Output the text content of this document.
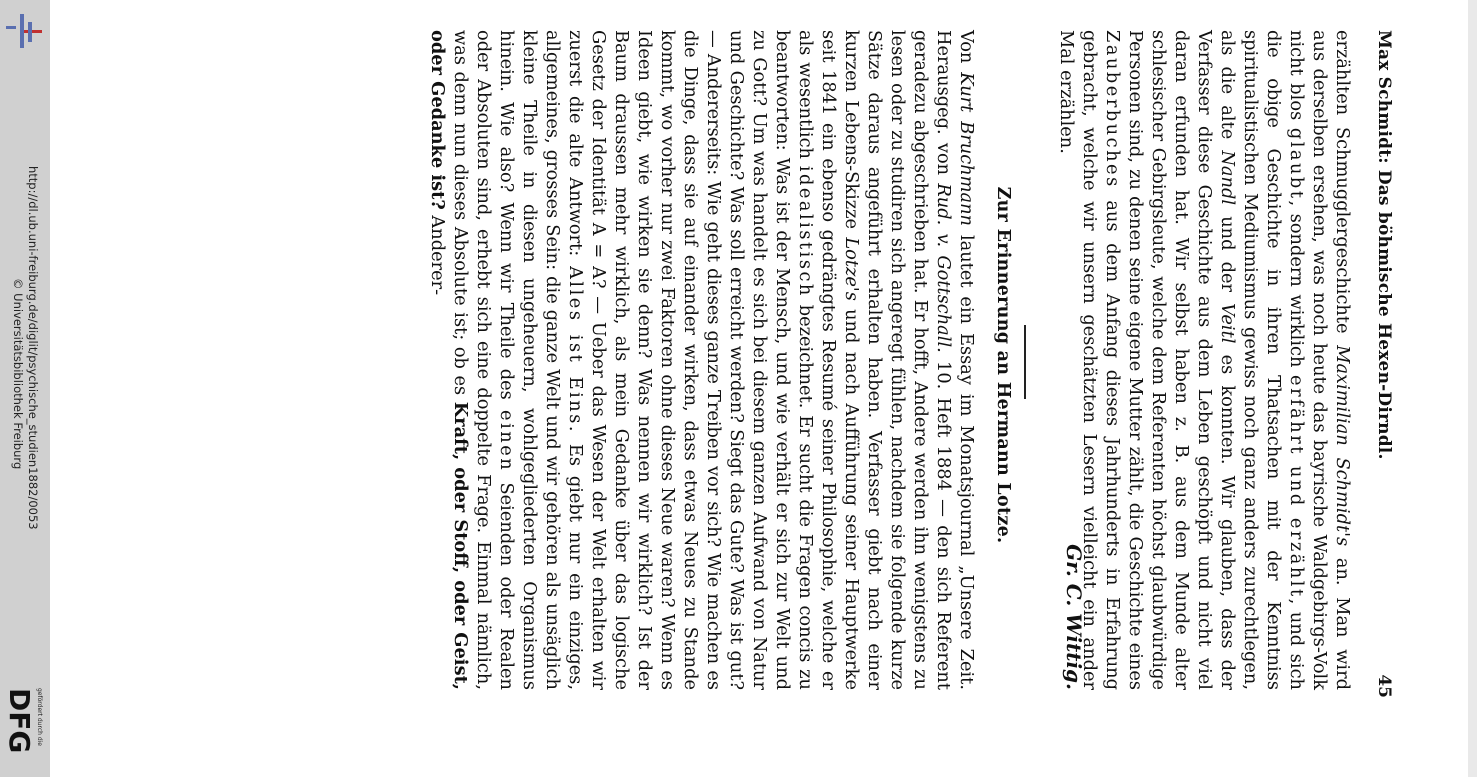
http://dl.ub.uni-freiburg.de/diglit/psychische_studien1882/0053
© Universitätsbibliothek Freiburg
gefördert durch die
DFG
Max Schmidt: Das böhmische Hexen-Dirndl.
45

erzählten Schmugglergeschichte Maximilian Schmidt's an. Man wird aus derselben ersehen, was noch heute das bayrische Waldgebirgs-Volk nicht blos glaubt, sondern wirklich erfährt und erzählt, und sich die obige Geschichte in ihren Thatsachen mit der Kenntniss spiritualistischen Mediumismus gewiss noch ganz anders zurechtlegen, als die alte Nandl und der Veitl es konnten. Wir glauben, dass der Verfasser diese Geschichte aus dem Leben geschöpft und nicht viel daran erfunden hat. Wir selbst haben z. B. aus dem Munde alter schlesischer Gebirgsleute, welche dem Referenten höchst glaubwürdige Personen sind, zu denen seine eigene Mutter zählt, die Geschichte eines Zauberbuches aus dem Anfang dieses Jahrhunderts in Erfahrung gebracht, welche wir unsern geschätzten Lesern vielleicht ein ander Mal erzählen.

Gr. C. Wittig.
Zur Erinnerung an Hermann Lotze.

Von Kurt Bruchmann lautet ein Essay im Monatsjournal „Unsere Zeit. Herausgeg. von Rud. v. Gottschall. 10. Heft 1884 — den sich Referent geradezu abgeschrieben hat. Er hofft, Andere werden ihn wenigstens zu lesen oder zu studiren sich angeregt fühlen, nachdem sie folgende kurze Sätze daraus angeführt erhalten haben. Verfasser giebt nach einer kurzen Lebens-Skizze Lotze's und nach Aufführung seiner Hauptwerke seit 1841 ein ebenso gedrängtes Resumé seiner Philosophie, welche er als wesentlich idealistisch bezeichnet. Er sucht die Fragen concis zu beantworten: Was ist der Mensch, und wie verhält er sich zur Welt und zu Gott? Um was handelt es sich bei diesem ganzen Aufwand von Natur und Geschichte? Was soll erreicht werden? Siegt das Gute? Was ist gut? — Andererseits: Wie geht dieses ganze Treiben vor sich? Wie machen es die Dinge, dass sie auf einander wirken, dass etwas Neues zu Stande kommt, wo vorher nur zwei Faktoren ohne dieses Neue waren? Wenn es Ideen giebt, wie wirken sie denn? Was nennen wir wirklich? Ist der Baum draussen mehr wirklich, als mein Gedanke über das logische Gesetz der Identität A = A? — Ueber das Wesen der Welt erhalten wir zuerst die alte Antwort: Alles ist Eins. Es giebt nur ein einziges, allgemeines, grosses Sein: die ganze Welt und wir gehören als unsäglich kleine Theile in diesen ungeheuern, wohlgegliederten Organismus hinein. Wie also? Wenn wir Theile des einen Seienden oder Realen oder Absoluten sind, erhebt sich eine doppelte Frage. Einmal nämlich, was denn nun dieses Absolute ist; ob es Kraft, oder Stoff, oder Geist, oder Gedanke ist? Anderer-
